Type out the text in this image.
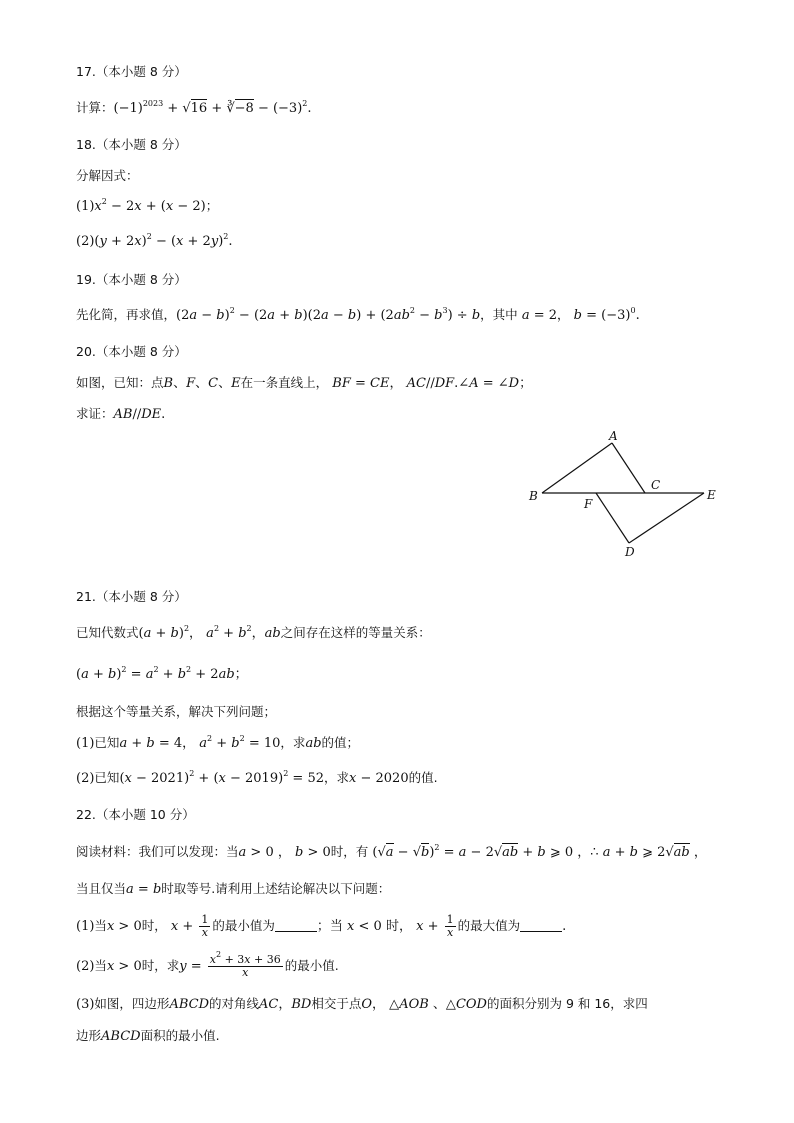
17.（本小题 8 分）
计算：$(-1)^{2023} + √16$ + ∛−8 − $(-3)^2$.
18.（本小题 8 分）
分解因式：
$(1)x^2 - 2x + (x - 2)$；
$(2)(y + 2x)^2 - (x + 2y)^2$.
19.（本小题 8 分）
先化简，再求值，$(2a - b)^2 - (2a + b)(2a - b) + (2ab^2 - b^3) \div b$，其中 a = 2， $b = (-3)^0$.
20.（本小题 8 分）
如图，已知：点B、F、C、E在一条直线上， BF = CE， AC//DF.∠A = ∠D；
求证：AB//DE.
A
B
C
D
E
F
21.（本小题 8 分）
已知代数式$(a + b)^2$， $a^2 + b^2$，ab之间存在这样的等量关系：
$(a + b)^2 = a^2 + b^2 + 2ab$；
根据这个等量关系，解决下列问题；
(1)已知a + b = 4， $a^2 + b^2 = 10$，求ab的值；
(2)已知$(x - 2021)^2 + (x - 2019)^2 = 52$，求x − 2020的值.
22.（本小题 10 分）
阅读材料：我们可以发现：当a > 0 ， b > 0时，有 $(√a - √b)^2 = a - 2√ab + b$ ⩾ 0 ，∴ a + b ⩾ 2√ab ，
当且仅当a = b时取等号.请利用上述结论解决以下问题：
(1)当x > 0时， $x + \frac{1}{x}$ 的最小值为	；当 x < 0 时， $x + \frac{1}{x}$ 的最大值为	.
(2)当x > 0时，求$y = \frac{x^2 + 3x + 36}{x}$ 的最小值.
(3)如图，四边形ABCD的对角线AC，BD相交于点O， △AOB 、△COD的面积分别为 9 和 16，求四
边形ABCD面积的最小值.
